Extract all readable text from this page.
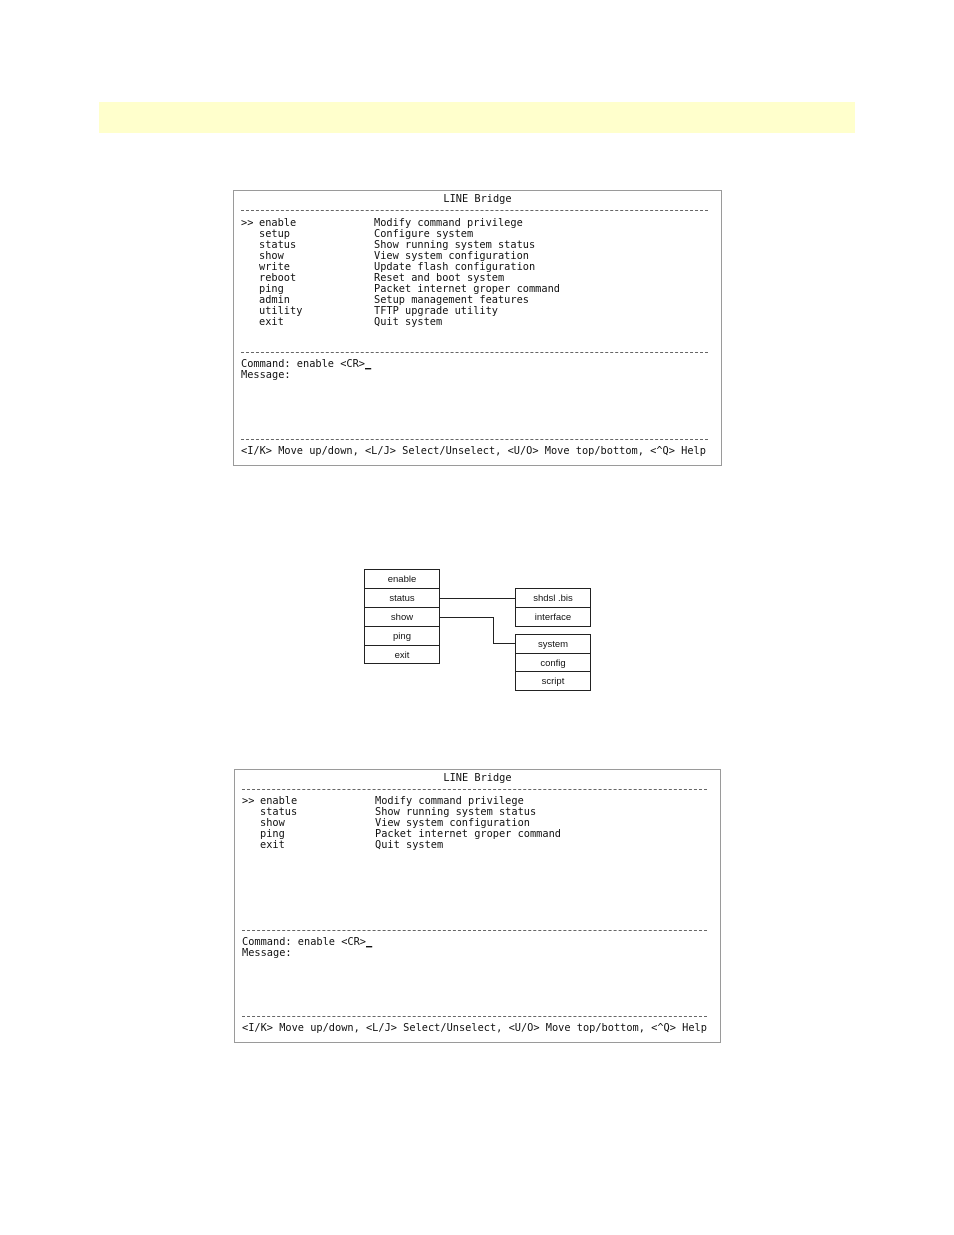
LINE Bridge
>> enable	Modify command privilege
setup	Configure system
status	Show running system status
show	View system configuration
write	Update flash configuration
reboot	Reset and boot system
ping	Packet internet groper command
admin	Setup management features
utility	TFTP upgrade utility
exit	Quit system
Command: enable <CR>_
Message:
<I/K> Move up/down, <L/J> Select/Unselect, <U/O> Move top/bottom, <^Q> Help
enable
status
show
ping
exit
shdsl .bis
interface
system
config
script
LINE Bridge
>> enable	Modify command privilege
status	Show running system status
show	View system configuration
ping	Packet internet groper command
exit	Quit system
Command: enable <CR>_
Message:
<I/K> Move up/down, <L/J> Select/Unselect, <U/O> Move top/bottom, <^Q> Help
